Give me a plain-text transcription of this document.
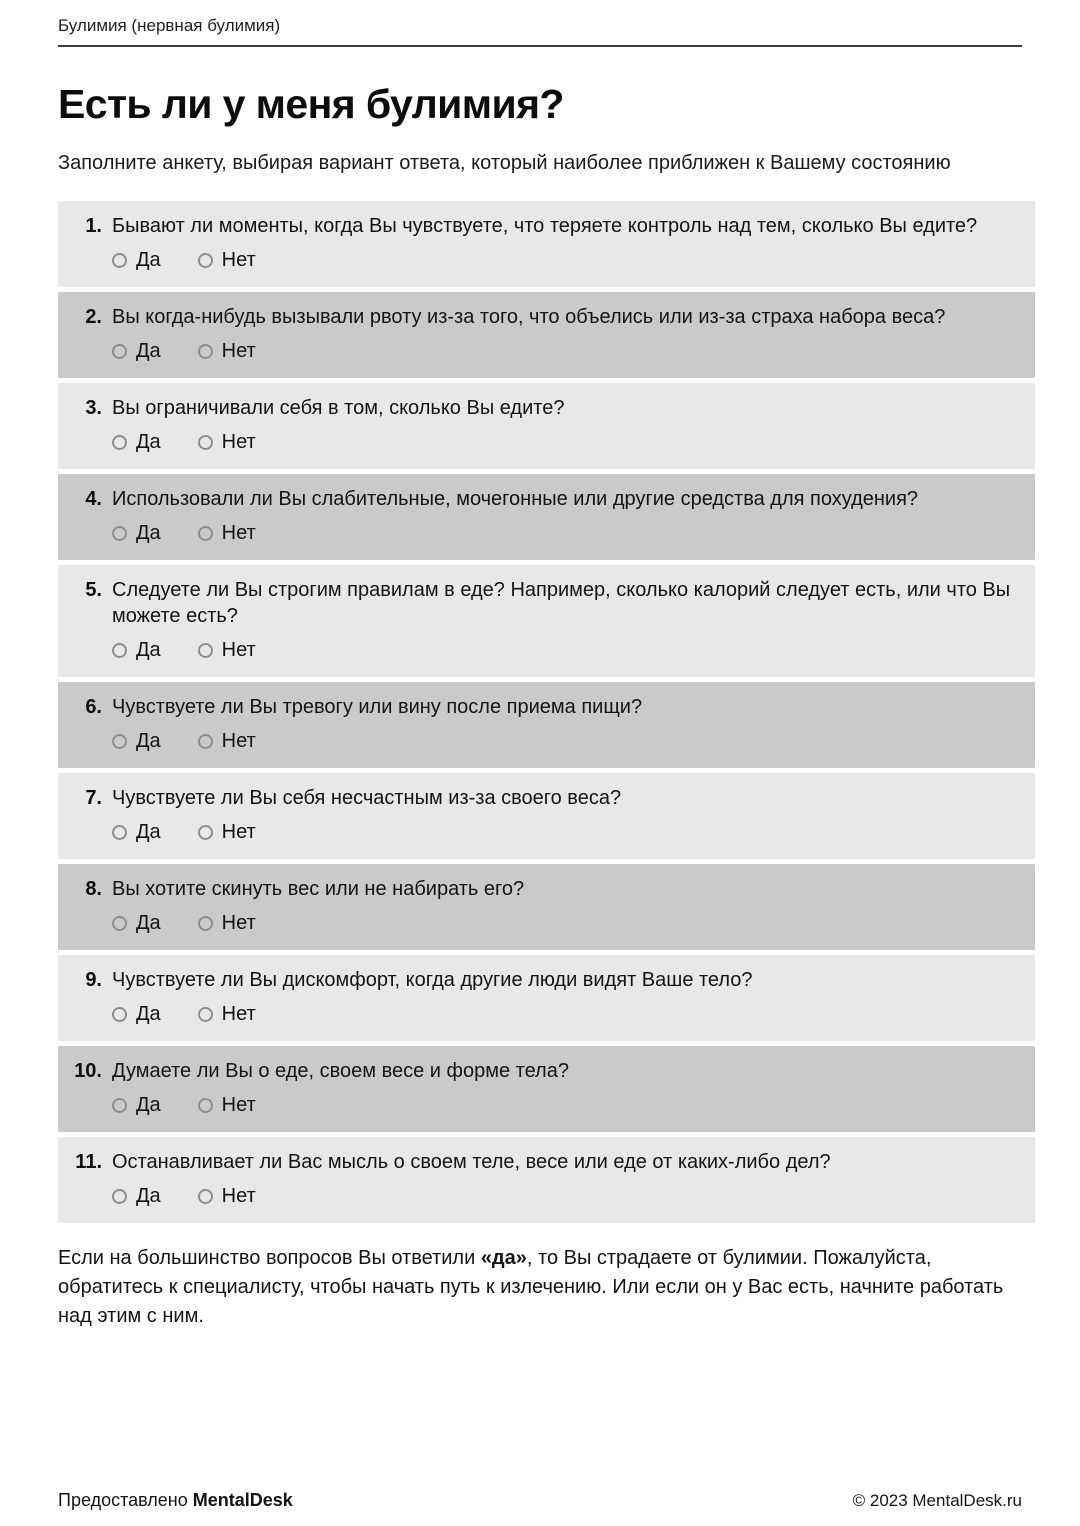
Булимия (нервная булимия)
Есть ли у меня булимия?

Заполните анкету, выбирая вариант ответа, который наиболее приближен к Вашему состоянию

1. Бывают ли моменты, когда Вы чувствуете, что теряете контроль над тем, сколько Вы едите?
Да	Нет
2. Вы когда-нибудь вызывали рвоту из-за того, что объелись или из-за страха набора веса?
Да	Нет
3. Вы ограничивали себя в том, сколько Вы едите?
Да	Нет
4. Использовали ли Вы слабительные, мочегонные или другие средства для похудения?
Да	Нет
5. Следуете ли Вы строгим правилам в еде? Например, сколько калорий следует есть, или что Вы можете есть?
Да	Нет
6. Чувствуете ли Вы тревогу или вину после приема пищи?
Да	Нет
7. Чувствуете ли Вы себя несчастным из-за своего веса?
Да	Нет
8. Вы хотите скинуть вес или не набирать его?
Да	Нет
9. Чувствуете ли Вы дискомфорт, когда другие люди видят Ваше тело?
Да	Нет
10. Думаете ли Вы о еде, своем весе и форме тела?
Да	Нет
11. Останавливает ли Вас мысль о своем теле, весе или еде от каких-либо дел?
Да	Нет

Если на большинство вопросов Вы ответили «да», то Вы страдаете от булимии. Пожалуйста, обратитесь к специалисту, чтобы начать путь к излечению. Или если он у Вас есть, начните работать над этим с ним.

Предоставлено MentalDesk	© 2023 MentalDesk.ru
